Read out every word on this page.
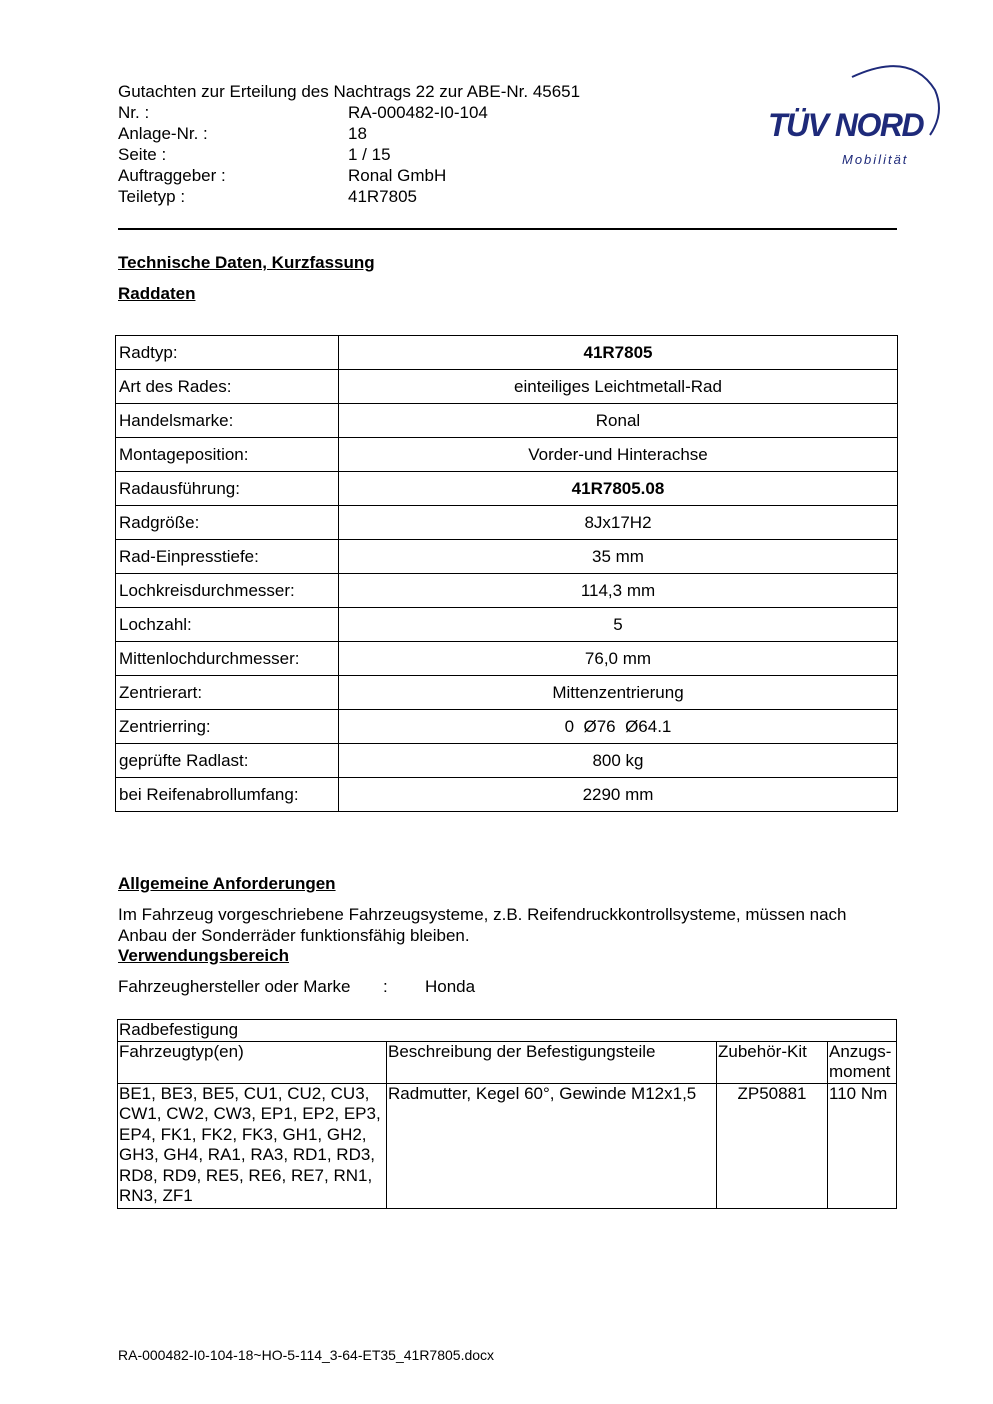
Gutachten zur Erteilung des Nachtrags 22 zur ABE-Nr. 45651
Nr. :	RA-000482-I0-104
Anlage-Nr. :	18
Seite :	1 / 15
Auftraggeber :	Ronal GmbH
Teiletyp :	41R7805
TÜV NORD
Mobilität
Technische Daten, Kurzfassung
Raddaten
Radtyp:	41R7805
Art des Rades:	einteiliges Leichtmetall-Rad
Handelsmarke:	Ronal
Montageposition:	Vorder-und Hinterachse
Radausführung:	41R7805.08
Radgröße:	8Jx17H2
Rad-Einpresstiefe:	35 mm
Lochkreisdurchmesser:	114,3 mm
Lochzahl:	5
Mittenlochdurchmesser:	76,0 mm
Zentrierart:	Mittenzentrierung
Zentrierring:	0  Ø76  Ø64.1
geprüfte Radlast:	800 kg
bei Reifenabrollumfang:	2290 mm
Allgemeine Anforderungen
Im Fahrzeug vorgeschriebene Fahrzeugsysteme, z.B. Reifendruckkontrollsysteme, müssen nach Anbau der Sonderräder funktionsfähig bleiben.
Verwendungsbereich
Fahrzeughersteller oder Marke : Honda
Radbefestigung			
Fahrzeugtyp(en)	Beschreibung der Befestigungsteile	Zubehör-Kit	Anzugs- moment
BE1, BE3, BE5, CU1, CU2, CU3, CW1, CW2, CW3, EP1, EP2, EP3, EP4, FK1, FK2, FK3, GH1, GH2, GH3, GH4, RA1, RA3, RD1, RD3, RD8, RD9, RE5, RE6, RE7, RN1, RN3, ZF1	Radmutter, Kegel 60°, Gewinde M12x1,5	ZP50881	110 Nm
RA-000482-I0-104-18~HO-5-114_3-64-ET35_41R7805.docx
